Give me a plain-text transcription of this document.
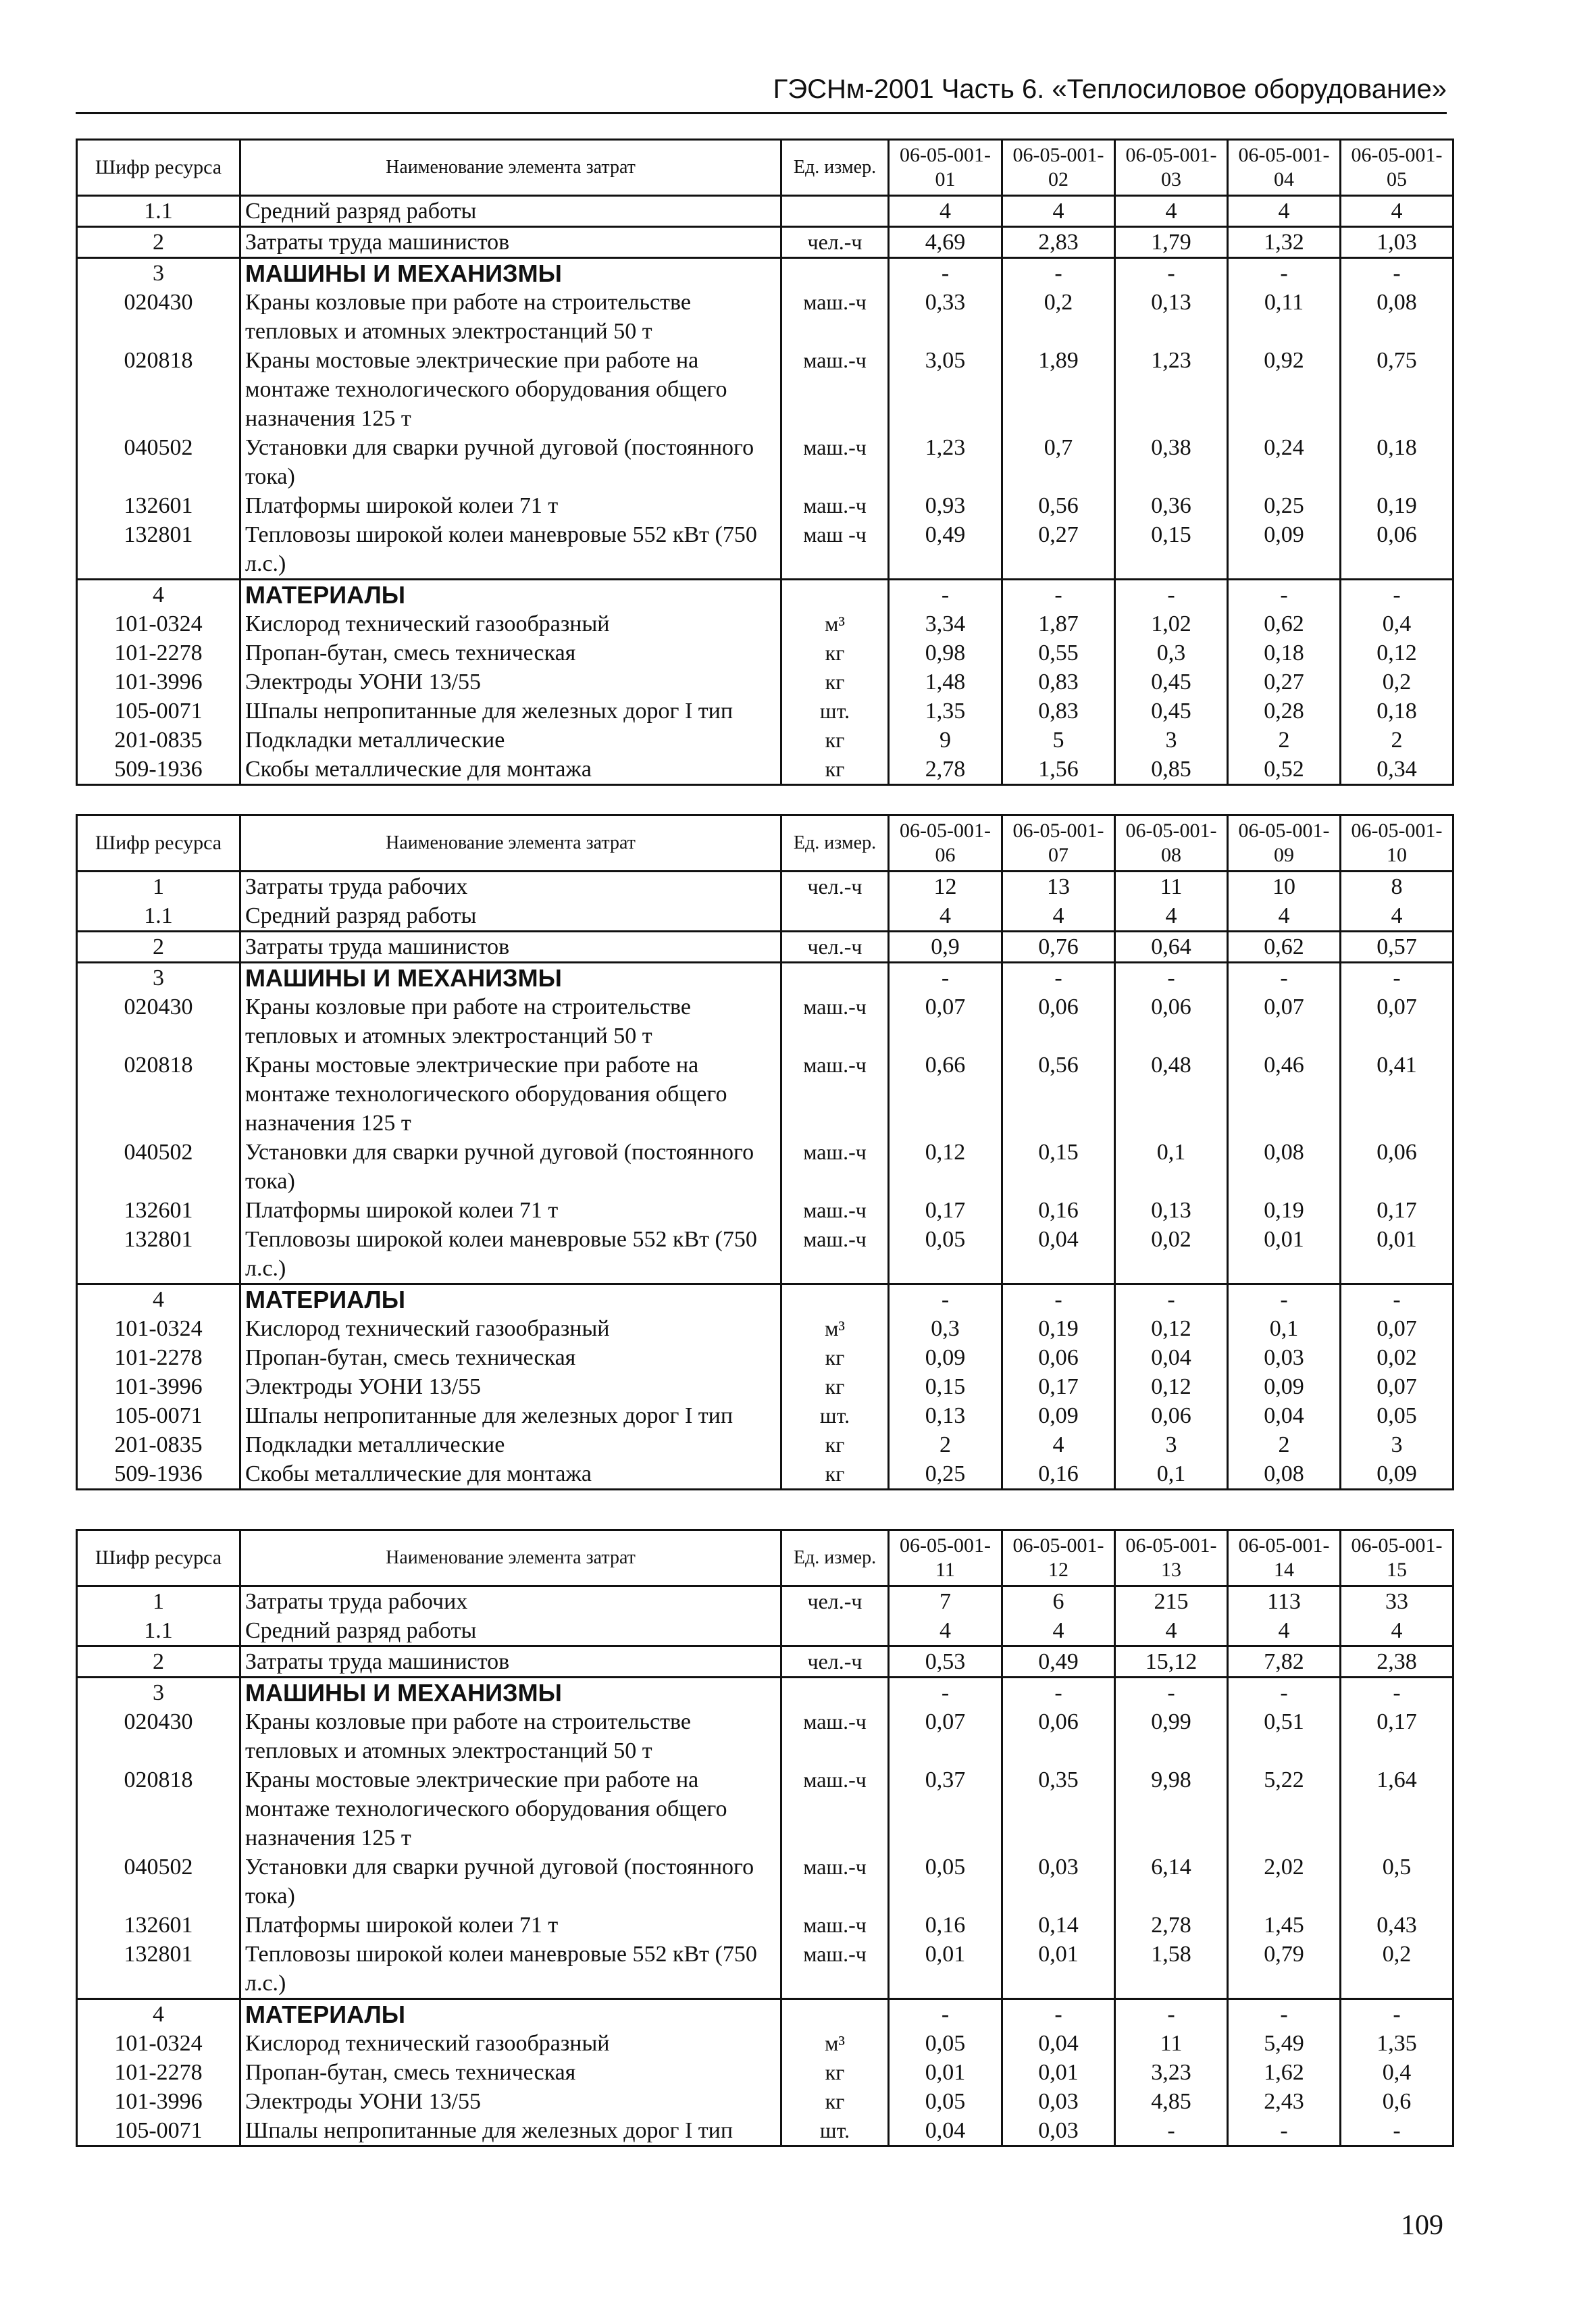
ГЭСНм-2001 Часть 6. «Теплосиловое оборудование»
Шифр ресурса	Наименование элемента затрат	Ед. измер.	06-05-001-01	06-05-001-02	06-05-001-03	06-05-001-04	06-05-001-05
1.1	Средний разряд работы		4	4	4	4	4
2	Затраты труда машинистов	чел.-ч	4,69	2,83	1,79	1,32	1,03
3	МАШИНЫ И МЕХАНИЗМЫ		-	-	-	-	-
020430	Краны козловые при работе на строительстве тепловых и атомных электростанций 50 т	маш.-ч	0,33	0,2	0,13	0,11	0,08
020818	Краны мостовые электрические при работе на монтаже технологического оборудования общего назначения 125 т	маш.-ч	3,05	1,89	1,23	0,92	0,75
040502	Установки для сварки ручной дуговой (постоянного тока)	маш.-ч	1,23	0,7	0,38	0,24	0,18
132601	Платформы широкой колеи 71 т	маш.-ч	0,93	0,56	0,36	0,25	0,19
132801	Тепловозы широкой колеи маневровые 552 кВт (750 л.с.)	маш -ч	0,49	0,27	0,15	0,09	0,06
4	МАТЕРИАЛЫ		-	-	-	-	-
101-0324	Кислород технический газообразный	м³	3,34	1,87	1,02	0,62	0,4
101-2278	Пропан-бутан, смесь техническая	кг	0,98	0,55	0,3	0,18	0,12
101-3996	Электроды УОНИ 13/55	кг	1,48	0,83	0,45	0,27	0,2
105-0071	Шпалы непропитанные для железных дорог I тип	шт.	1,35	0,83	0,45	0,28	0,18
201-0835	Подкладки металлические	кг	9	5	3	2	2
509-1936	Скобы металлические для монтажа	кг	2,78	1,56	0,85	0,52	0,34
Шифр ресурса	Наименование элемента затрат	Ед. измер.	06-05-001-06	06-05-001-07	06-05-001-08	06-05-001-09	06-05-001-10
1	Затраты труда рабочих	чел.-ч	12	13	11	10	8
1.1	Средний разряд работы		4	4	4	4	4
2	Затраты труда машинистов	чел.-ч	0,9	0,76	0,64	0,62	0,57
3	МАШИНЫ И МЕХАНИЗМЫ		-	-	-	-	-
020430	Краны козловые при работе на строительстве тепловых и атомных электростанций 50 т	маш.-ч	0,07	0,06	0,06	0,07	0,07
020818	Краны мостовые электрические при работе на монтаже технологического оборудования общего назначения 125 т	маш.-ч	0,66	0,56	0,48	0,46	0,41
040502	Установки для сварки ручной дуговой (постоянного тока)	маш.-ч	0,12	0,15	0,1	0,08	0,06
132601	Платформы широкой колеи 71 т	маш.-ч	0,17	0,16	0,13	0,19	0,17
132801	Тепловозы широкой колеи маневровые 552 кВт (750 л.с.)	маш.-ч	0,05	0,04	0,02	0,01	0,01
4	МАТЕРИАЛЫ		-	-	-	-	-
101-0324	Кислород технический газообразный	м³	0,3	0,19	0,12	0,1	0,07
101-2278	Пропан-бутан, смесь техническая	кг	0,09	0,06	0,04	0,03	0,02
101-3996	Электроды УОНИ 13/55	кг	0,15	0,17	0,12	0,09	0,07
105-0071	Шпалы непропитанные для железных дорог I тип	шт.	0,13	0,09	0,06	0,04	0,05
201-0835	Подкладки металлические	кг	2	4	3	2	3
509-1936	Скобы металлические для монтажа	кг	0,25	0,16	0,1	0,08	0,09
Шифр ресурса	Наименование элемента затрат	Ед. измер.	06-05-001-11	06-05-001-12	06-05-001-13	06-05-001-14	06-05-001-15
1	Затраты труда рабочих	чел.-ч	7	6	215	113	33
1.1	Средний разряд работы		4	4	4	4	4
2	Затраты труда машинистов	чел.-ч	0,53	0,49	15,12	7,82	2,38
3	МАШИНЫ И МЕХАНИЗМЫ		-	-	-	-	-
020430	Краны козловые при работе на строительстве тепловых и атомных электростанций 50 т	маш.-ч	0,07	0,06	0,99	0,51	0,17
020818	Краны мостовые электрические при работе на монтаже технологического оборудования общего назначения 125 т	маш.-ч	0,37	0,35	9,98	5,22	1,64
040502	Установки для сварки ручной дуговой (постоянного тока)	маш.-ч	0,05	0,03	6,14	2,02	0,5
132601	Платформы широкой колеи 71 т	маш.-ч	0,16	0,14	2,78	1,45	0,43
132801	Тепловозы широкой колеи маневровые 552 кВт (750 л.с.)	маш.-ч	0,01	0,01	1,58	0,79	0,2
4	МАТЕРИАЛЫ		-	-	-	-	-
101-0324	Кислород технический газообразный	м³	0,05	0,04	11	5,49	1,35
101-2278	Пропан-бутан, смесь техническая	кг	0,01	0,01	3,23	1,62	0,4
101-3996	Электроды УОНИ 13/55	кг	0,05	0,03	4,85	2,43	0,6
105-0071	Шпалы непропитанные для железных дорог I тип	шт.	0,04	0,03	-	-	-
109
